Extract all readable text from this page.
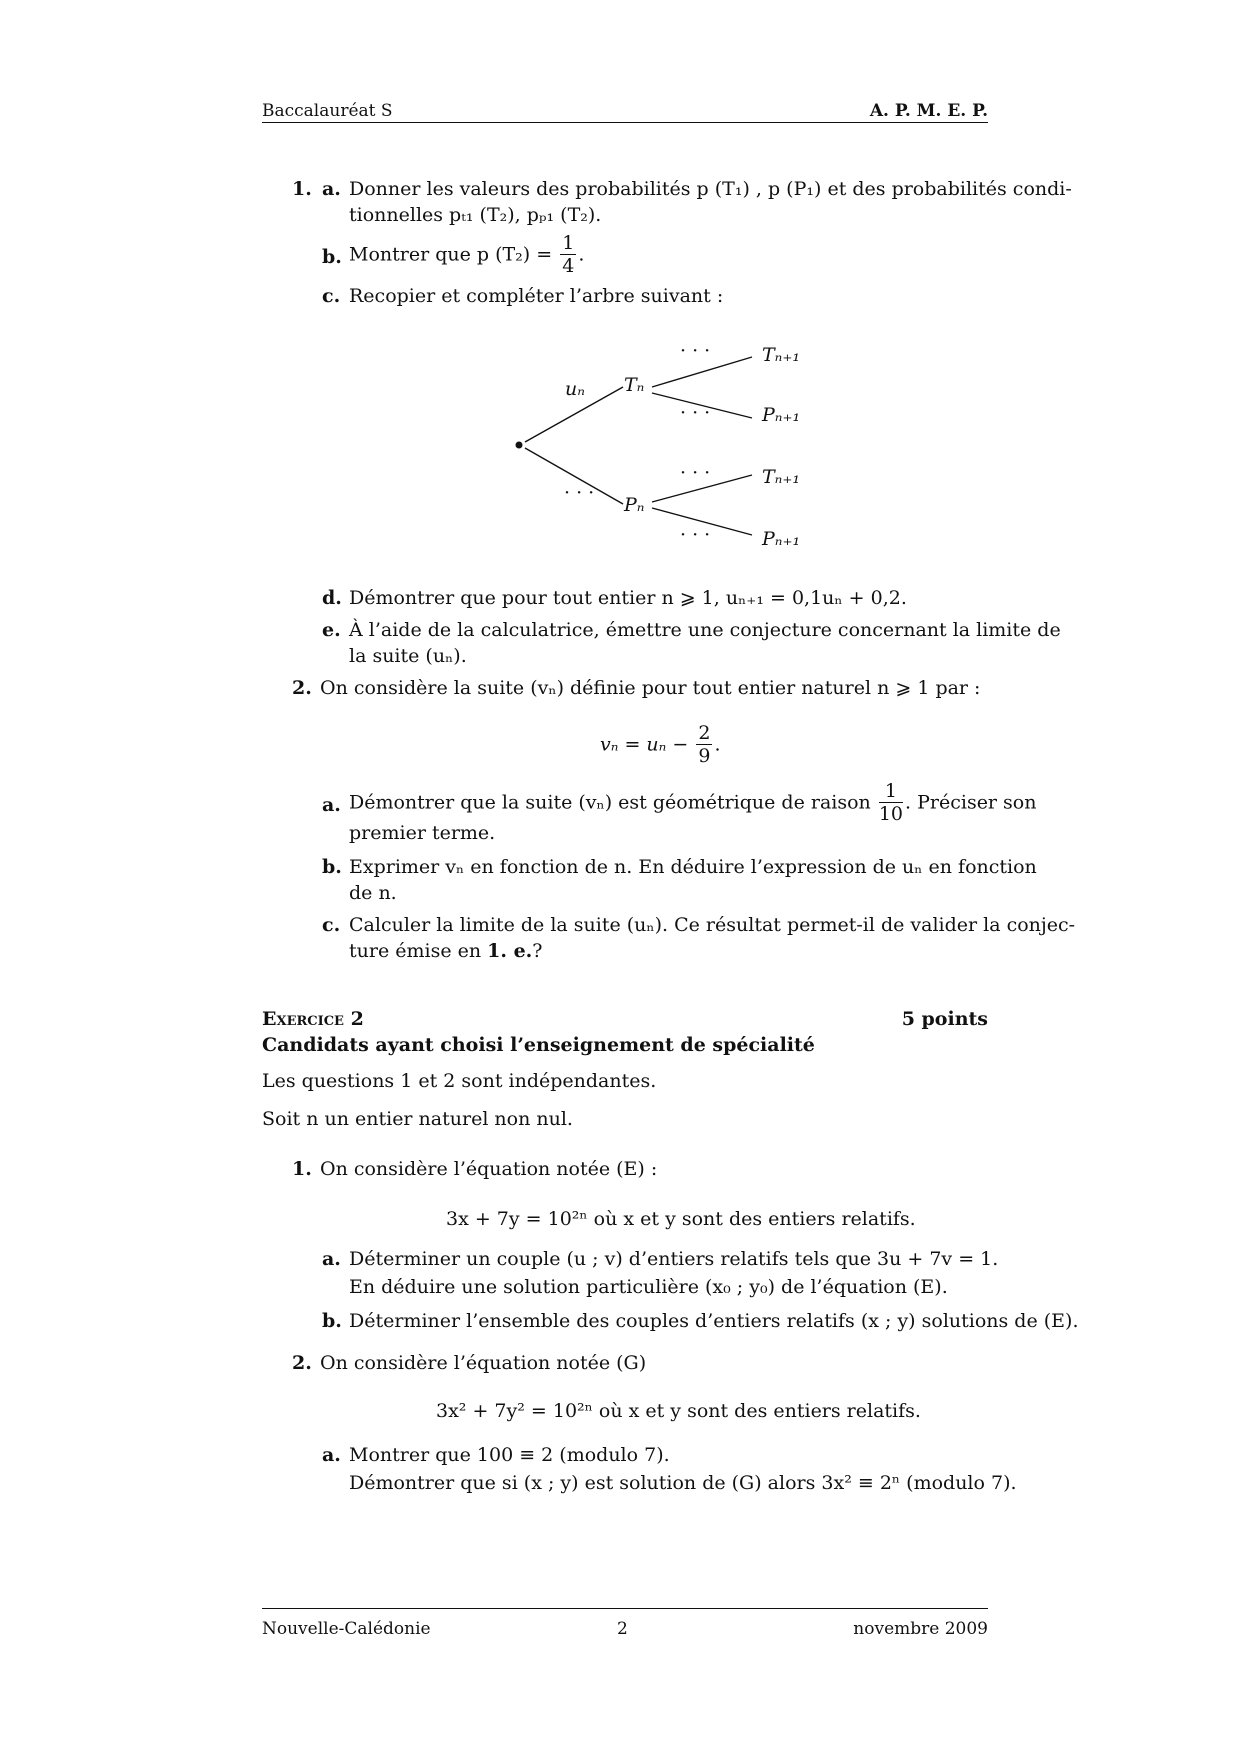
Baccalauréat S	A. P. M. E. P.
1. a. Donner les valeurs des probabilités p (T₁) , p (P₁) et des probabilités condi-
tionnelles pₜ₁ (T₂), pₚ₁ (T₂).
b. Montrer que p $(T_2) = \frac{1}{4}$ .
c. Recopier et compléter l’arbre suivant :
uₙ Tₙ
Pₙ
· · ·
· · ·
· · ·
· · ·
· · ·
Tₙ₊₁
Pₙ₊₁
Tₙ₊₁
Pₙ₊₁
d. Démontrer que pour tout entier n ⩾ 1, uₙ₊₁ = 0,1uₙ + 0,2.
e. À l’aide de la calculatrice, émettre une conjecture concernant la limite de
la suite (uₙ).
2. On considère la suite (vₙ) définie pour tout entier naturel n ⩾ 1 par :
$v_n = u_n - \frac{2}{9}$ .
a. Démontrer que la suite (vₙ) est géométrique de raison $\frac{1}{10}$ . Préciser son
premier terme.
b. Exprimer vₙ en fonction de n. En déduire l’expression de uₙ en fonction
de n.
c. Calculer la limite de la suite (uₙ). Ce résultat permet-il de valider la conjec-
ture émise en 1. e.?
Exercice 2	5 points
Candidats ayant choisi l’enseignement de spécialité
Les questions 1 et 2 sont indépendantes.
Soit n un entier naturel non nul.
1. On considère l’équation notée (E) :
3x + 7y = 10²ⁿ où x et y sont des entiers relatifs.
a. Déterminer un couple (u ; v) d’entiers relatifs tels que 3u + 7v = 1.
En déduire une solution particulière (x₀ ; y₀) de l’équation (E).
b. Déterminer l’ensemble des couples d’entiers relatifs (x ; y) solutions de (E).
2. On considère l’équation notée (G)
3x² + 7y² = 10²ⁿ où x et y sont des entiers relatifs.
a. Montrer que 100 ≡ 2 (modulo 7).
Démontrer que si (x ; y) est solution de (G) alors 3x² ≡ 2ⁿ (modulo 7).
Nouvelle-Calédonie	2	novembre 2009
